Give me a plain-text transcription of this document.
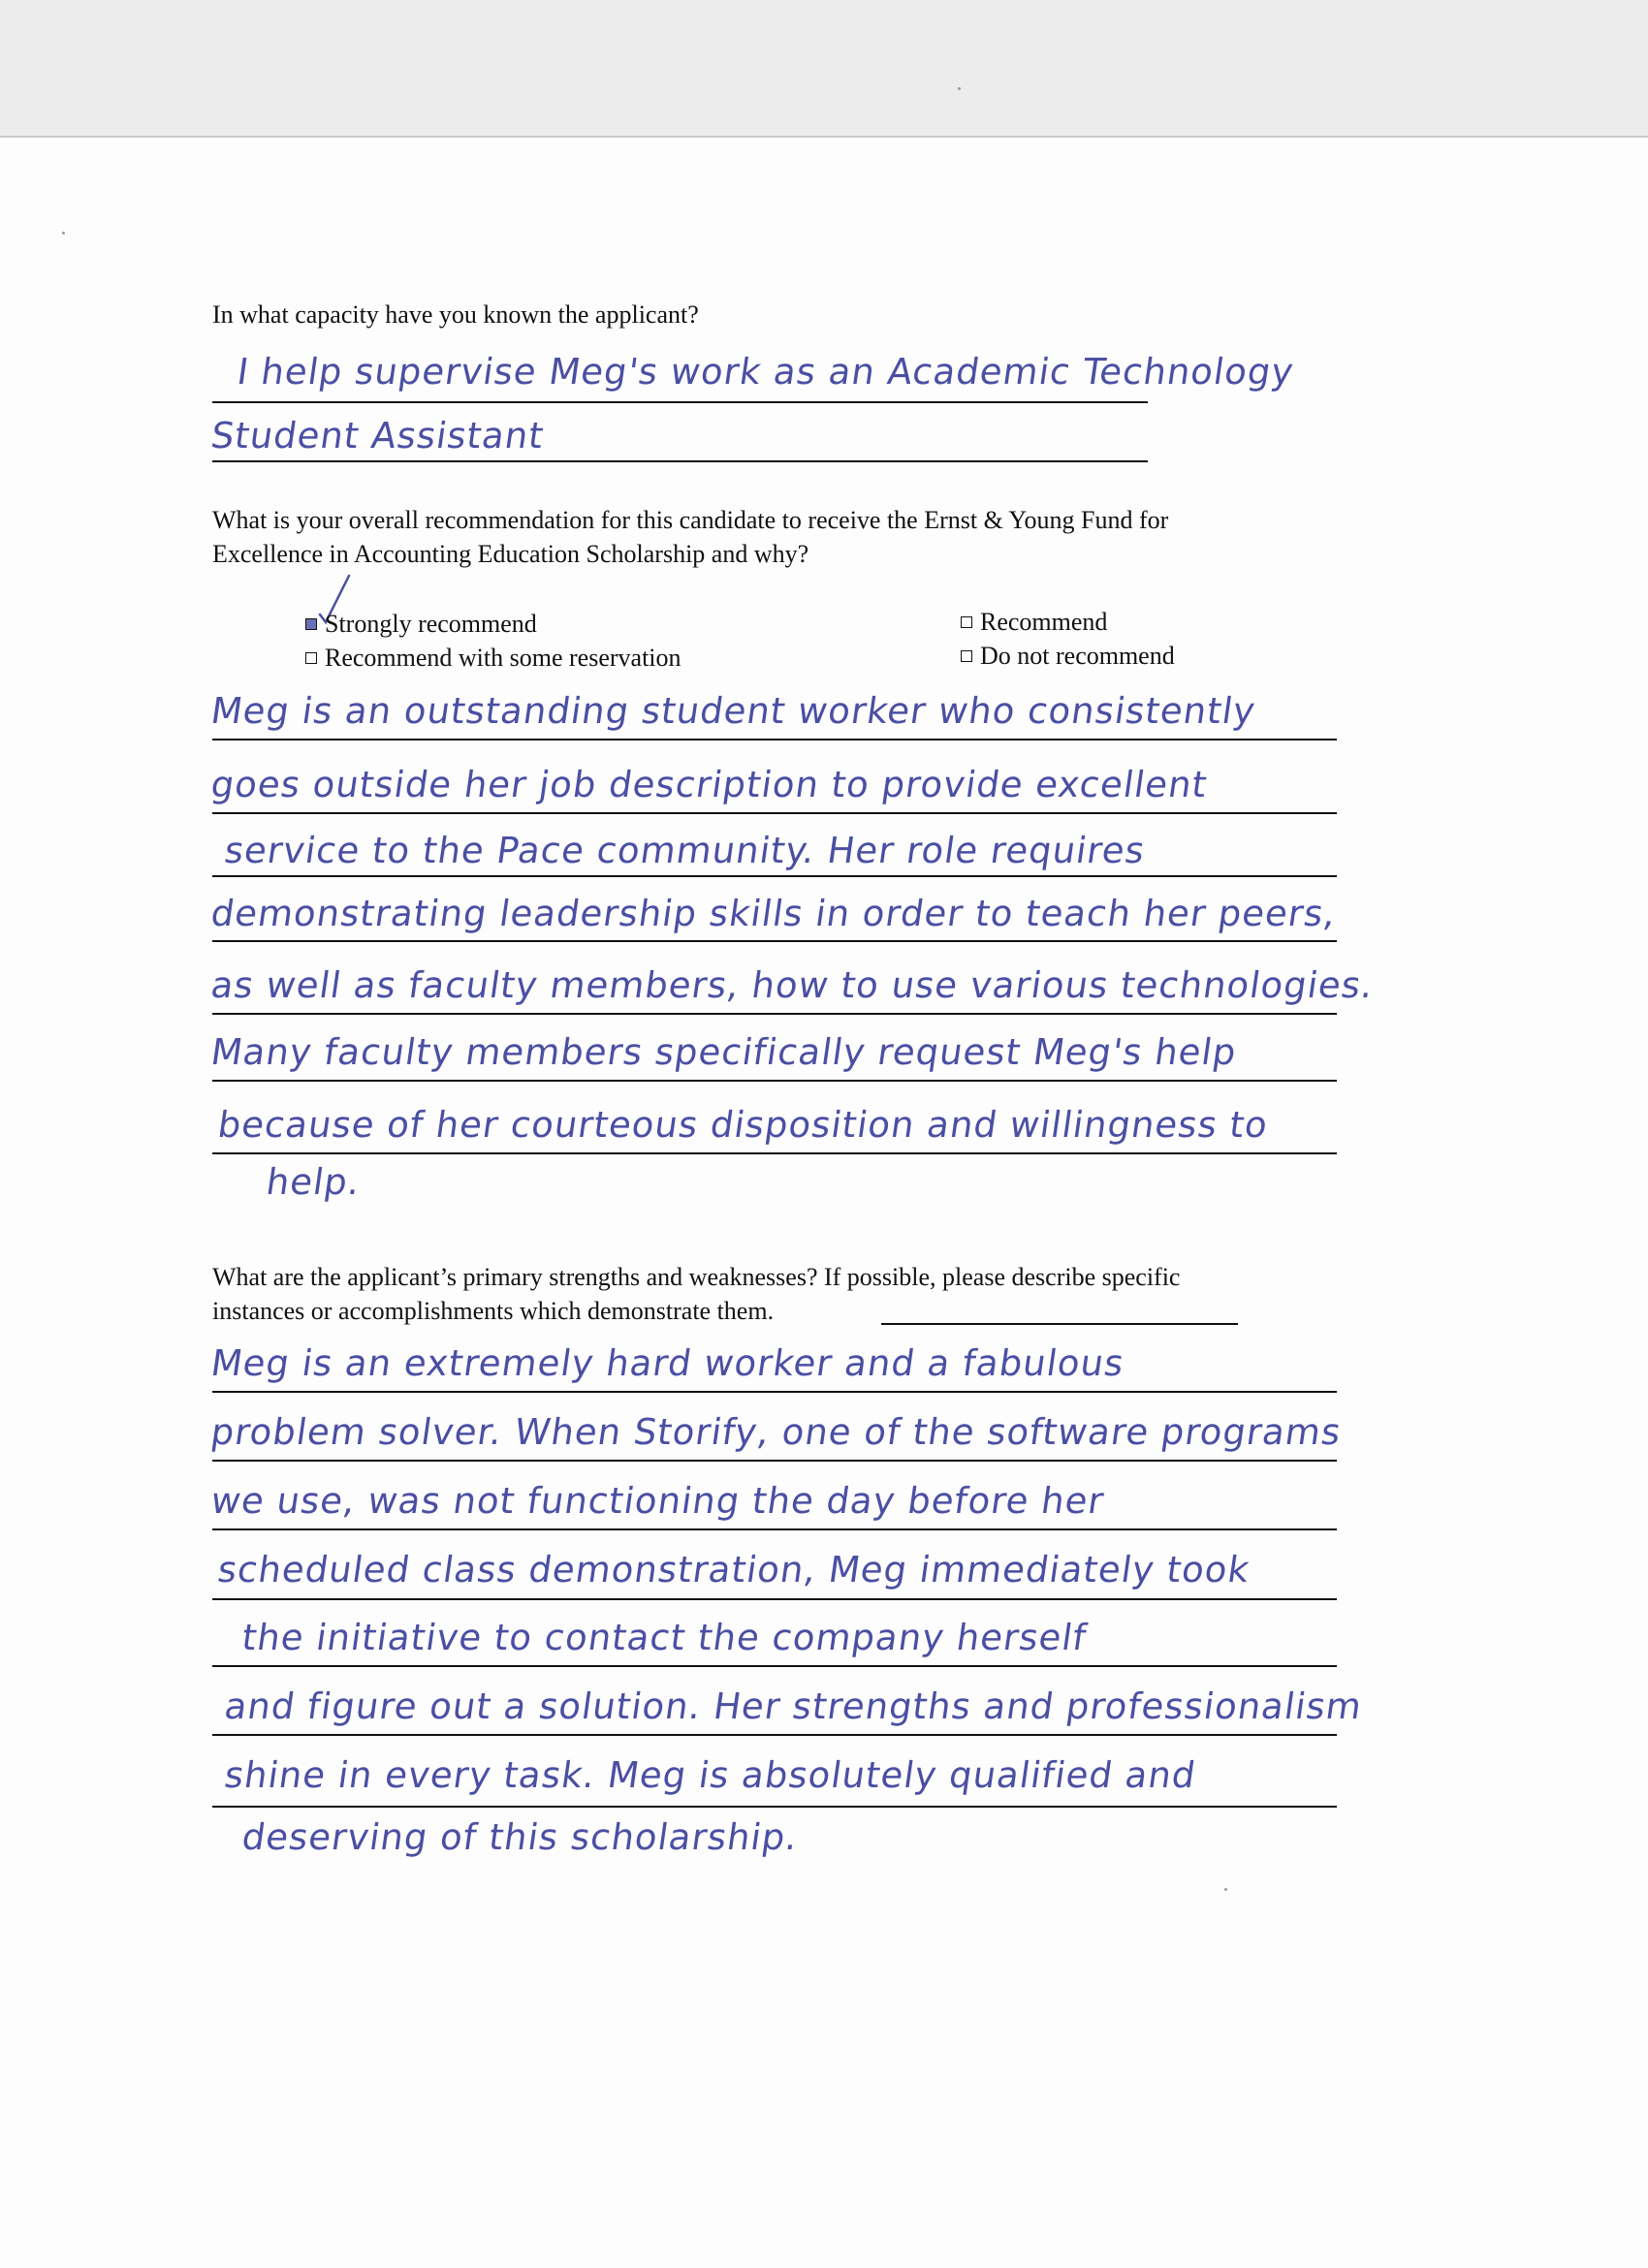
In what capacity have you known the applicant?
I help supervise Meg's work as an Academic Technology
Student Assistant
What is your overall recommendation for this candidate to receive the Ernst & Young Fund for
Excellence in Accounting Education Scholarship and why?
Strongly recommend	Recommend
Recommend with some reservation	Do not recommend
Meg is an outstanding student worker who consistently
goes outside her job description to provide excellent
service to the Pace community. Her role requires
demonstrating leadership skills in order to teach her peers,
as well as faculty members, how to use various technologies.
Many faculty members specifically request Meg's help
because of her courteous disposition and willingness to
help.
What are the applicant’s primary strengths and weaknesses? If possible, please describe specific
instances or accomplishments which demonstrate them.
Meg is an extremely hard worker and a fabulous
problem solver. When Storify, one of the software programs
we use, was not functioning the day before her
scheduled class demonstration, Meg immediately took
the initiative to contact the company herself
and figure out a solution. Her strengths and professionalism
shine in every task. Meg is absolutely qualified and
deserving of this scholarship.
